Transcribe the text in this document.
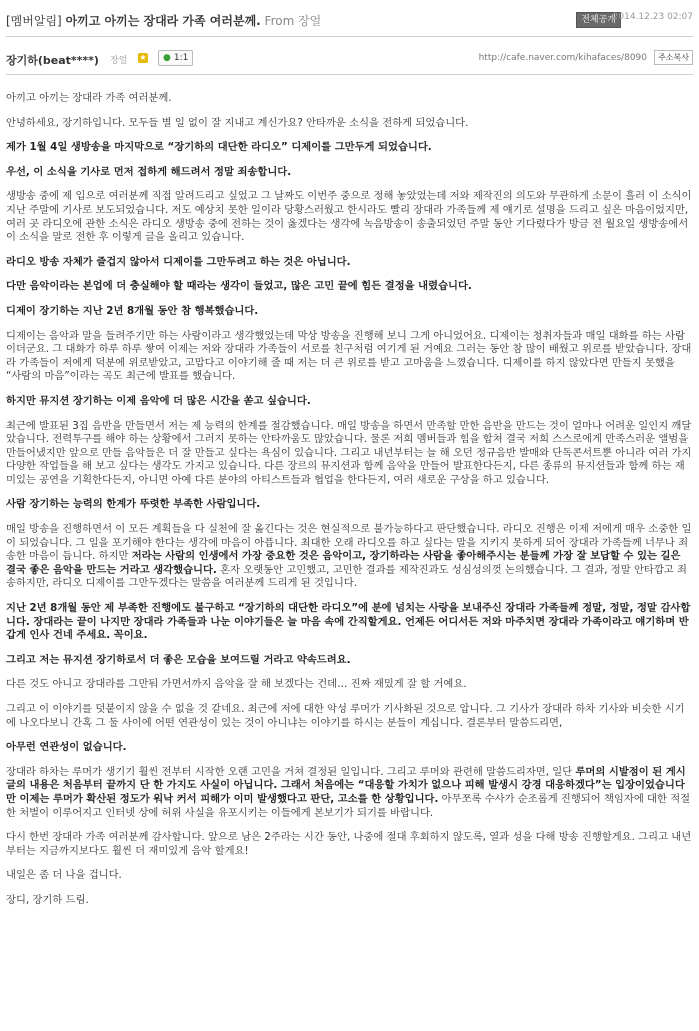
[멤버알림] 아끼고 아끼는 장대라 가족 여러분께. From 장얼	전체공개
2014.12.23 02:07
장기하(beat****) 장얼 ★	● 1:1	http://cafe.naver.com/kihafaces/8090	주소복사

아끼고 아끼는 장대라 가족 여러분께.

안녕하세요, 장기하입니다. 모두들 별 일 없이 잘 지내고 계신가요? 안타까운 소식을 전하게 되었습니다.

제가 1월 4일 생방송을 마지막으로 “장기하의 대단한 라디오” 디제이를 그만두게 되었습니다.

우선, 이 소식을 기사로 먼저 접하게 해드려서 정말 죄송합니다.

생방송 중에 제 입으로 여러분께 직접 알려드리고 싶었고 그 날짜도 이번주 중으로 정해 놓았었는데 저와 제작진의 의도와 무관하게 소문이 흘러 이 소식이 지난 주말에 기사로 보도되었습니다. 저도 예상치 못한 일이라 당황스러웠고 한시라도 빨리 장대라 가족들께 제 얘기로 설명을 드리고 싶은 마음이었지만, 여러 곳 라디오에 관한 소식은 라디오 생방송 중에 전하는 것이 옳겠다는 생각에 녹음방송이 송출되었던 주말 동안 기다렸다가 방금 전 월요일 생방송에서 이 소식을 말로 전한 후 이렇게 글을 올리고 있습니다.

라디오 방송 자체가 즐겁지 않아서 디제이를 그만두려고 하는 것은 아닙니다.

다만 음악이라는 본업에 더 충실해야 할 때라는 생각이 들었고, 많은 고민 끝에 힘든 결정을 내렸습니다.

디제이 장기하는 지난 2년 8개월 동안 참 행복했습니다.

디제이는 음악과 말을 들려주기만 하는 사람이라고 생각했었는데 막상 방송을 진행해 보니 그게 아니었어요. 디제이는 청취자들과 매일 대화를 하는 사람이더군요. 그 대화가 하루 하루 쌓여 이제는 저와 장대라 가족들이 서로를 친구처럼 여기게 된 거예요 그러는 동안 참 많이 배웠고 위로를 받았습니다. 장대라 가족들이 저에게 덕분에 위로받았고, 고맙다고 이야기해 줄 때 저는 더 큰 위로를 받고 고마움을 느꼈습니다. 디제이를 하지 않았다면 만들지 못했을 “사람의 마음”이라는 곡도 최근에 발표를 했습니다.

하지만 뮤지션 장기하는 이제 음악에 더 많은 시간을 쏟고 싶습니다.

최근에 발표된 3집 음반을 만들면서 저는 제 능력의 한계를 절감했습니다. 매일 방송을 하면서 만족할 만한 음반을 만드는 것이 얼마나 어려운 일인지 깨달았습니다. 전력투구를 해야 하는 상황에서 그러지 못하는 안타까움도 많았습니다. 물론 저희 멤버들과 힘을 합쳐 결국 저희 스스로에게 만족스러운 앨범을 만들어냈지만 앞으로 만들 음악들은 더 잘 만들고 싶다는 욕심이 있습니다. 그리고 내년부터는 늘 해 오던 정규음반 발매와 단독콘서트뿐 아니라 여러 가지 다양한 작업들을 해 보고 싶다는 생각도 가지고 있습니다. 다른 장르의 뮤지션과 함께 음악을 만들어 발표한다든지, 다른 종류의 뮤지션들과 함께 하는 재미있는 공연을 기획한다든지, 아니면 아예 다른 분야의 아티스트들과 협업을 한다든지, 여러 새로운 구상을 하고 있습니다.

사람 장기하는 능력의 한계가 뚜렷한 부족한 사람입니다.

매일 방송을 진행하면서 이 모든 계획들을 다 실천에 잘 옮긴다는 것은 현실적으로 불가능하다고 판단했습니다. 라디오 진행은 이제 저에게 매우 소중한 일이 되었습니다. 그 일을 포기해야 한다는 생각에 마음이 아픕니다. 최대한 오래 라디오를 하고 싶다는 말을 지키지 못하게 되어 장대라 가족들께 너무나 죄송한 마음이 듭니다. 하지만 저라는 사람의 인생에서 가장 중요한 것은 음악이고, 장기하라는 사람을 좋아해주시는 분들께 가장 잘 보답할 수 있는 길은 결국 좋은 음악을 만드는 거라고 생각했습니다. 혼자 오랫동안 고민했고, 고민한 결과를 제작진과도 성심성의껏 논의했습니다. 그 결과, 정말 안타깝고 죄송하지만, 라디오 디제이를 그만두겠다는 말씀을 여러분께 드리게 된 것입니다.

지난 2년 8개월 동안 제 부족한 진행에도 불구하고 “장기하의 대단한 라디오”에 분에 넘치는 사랑을 보내주신 장대라 가족들께 정말, 정말, 정말 감사합니다. 장대라는 끝이 나지만 장대라 가족들과 나눈 이야기들은 늘 마음 속에 간직할게요. 언제든 어디서든 저와 마주치면 장대라 가족이라고 얘기하며 반갑게 인사 건네 주세요. 꼭이요.

그리고 저는 뮤지션 장기하로서 더 좋은 모습을 보여드릴 거라고 약속드려요.

다른 것도 아니고 장대라를 그만둬 가면서까지 음악을 잘 해 보겠다는 건데… 진짜 재밌게 잘 할 거예요.

그리고 이 이야기를 덧붙이지 않을 수 없을 것 같네요. 최근에 저에 대한 악성 루머가 기사화된 것으로 압니다. 그 기사가 장대라 하차 기사와 비슷한 시기에 나오다보니 간혹 그 둘 사이에 어떤 연관성이 있는 것이 아니냐는 이야기를 하시는 분들이 계십니다. 결론부터 말씀드리면,

아무런 연관성이 없습니다.

장대라 하차는 루머가 생기기 훨씬 전부터 시작한 오랜 고민을 거쳐 결정된 일입니다. 그리고 루머와 관련해 말씀드리자면, 일단 루머의 시발점이 된 게시글의 내용은 처음부터 끝까지 단 한 가지도 사실이 아닙니다. 그래서 처음에는 “대응할 가치가 없으나 피해 발생시 강경 대응하겠다”는 입장이었습니다만 이제는 루머가 확산된 정도가 워낙 커서 피해가 이미 발생했다고 판단, 고소를 한 상황입니다. 아무쪼록 수사가 순조롭게 진행되어 책임자에 대한 적절한 처벌이 이루어지고 인터넷 상에 허위 사실을 유포시키는 이들에게 본보기가 되기를 바랍니다.

다시 한번 장대라 가족 여러분께 감사합니다. 앞으로 남은 2주라는 시간 동안, 나중에 절대 후회하지 않도록, 열과 성을 다해 방송 진행할게요. 그리고 내년부터는 지금까지보다도 훨씬 더 재미있게 음악 할게요!

내일은 좀 더 나을 겁니다.

장디, 장기하 드림.
